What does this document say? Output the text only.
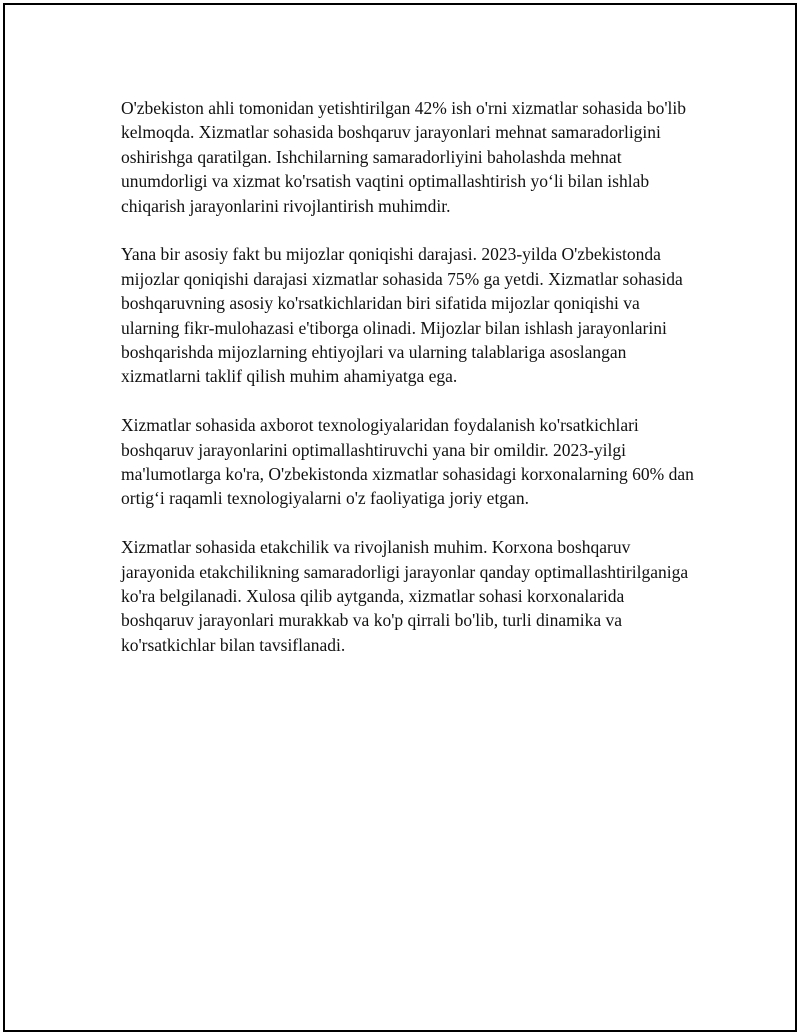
O'zbekiston ahli tomonidan yetishtirilgan 42% ish o'rni xizmatlar sohasida bo'lib kelmoqda. Xizmatlar sohasida boshqaruv jarayonlari mehnat samaradorligini oshirishga qaratilgan. Ishchilarning samaradorliyini baholashda mehnat unumdorligi va xizmat ko'rsatish vaqtini optimallashtirish yo‘li bilan ishlab chiqarish jarayonlarini rivojlantirish muhimdir.

Yana bir asosiy fakt bu mijozlar qoniqishi darajasi. 2023-yilda O'zbekistonda mijozlar qoniqishi darajasi xizmatlar sohasida 75% ga yetdi. Xizmatlar sohasida boshqaruvning asosiy ko'rsatkichlaridan biri sifatida mijozlar qoniqishi va ularning fikr-mulohazasi e'tiborga olinadi. Mijozlar bilan ishlash jarayonlarini boshqarishda mijozlarning ehtiyojlari va ularning talablariga asoslangan xizmatlarni taklif qilish muhim ahamiyatga ega.

Xizmatlar sohasida axborot texnologiyalaridan foydalanish ko'rsatkichlari boshqaruv jarayonlarini optimallashtiruvchi yana bir omildir. 2023-yilgi ma'lumotlarga ko'ra, O'zbekistonda xizmatlar sohasidagi korxonalarning 60% dan ortig‘i raqamli texnologiyalarni o'z faoliyatiga joriy etgan.

Xizmatlar sohasida etakchilik va rivojlanish muhim. Korxona boshqaruv jarayonida etakchilikning samaradorligi jarayonlar qanday optimallashtirilganiga ko'ra belgilanadi. Xulosa qilib aytganda, xizmatlar sohasi korxonalarida boshqaruv jarayonlari murakkab va ko'p qirrali bo'lib, turli dinamika va ko'rsatkichlar bilan tavsiflanadi.
